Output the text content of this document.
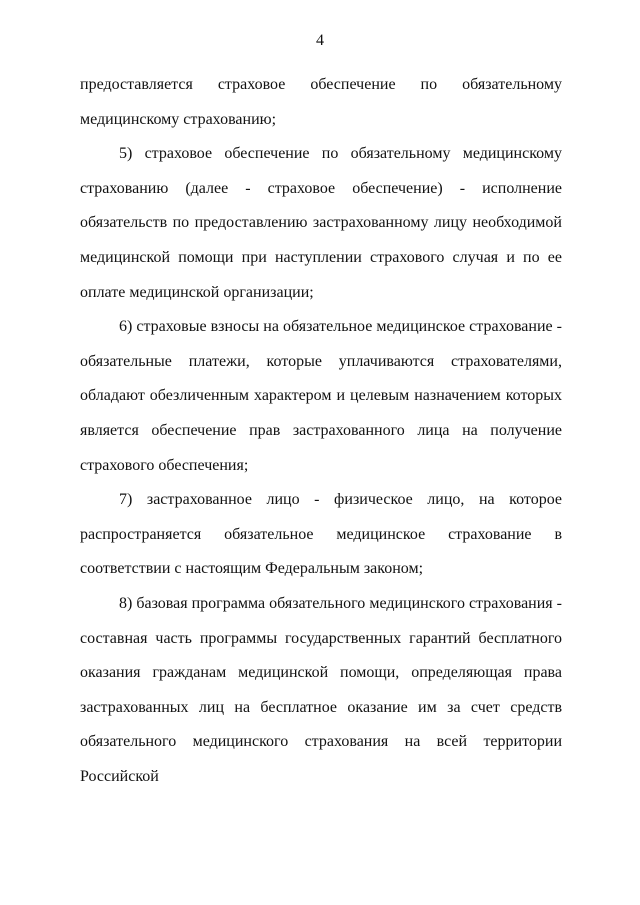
4

предоставляется страховое обеспечение по обязательному медицинскому страхованию;

5) страховое обеспечение по обязательному медицинскому страхованию (далее - страховое обеспечение) - исполнение обязательств по предоставлению застрахованному лицу необходимой медицинской помощи при наступлении страхового случая и по ее оплате медицинской организации;

6) страховые взносы на обязательное медицинское страхование - обязательные платежи, которые уплачиваются страхователями, обладают обезличенным характером и целевым назначением которых является обеспечение прав застрахованного лица на получение страхового обеспечения;

7) застрахованное лицо - физическое лицо, на которое распространяется обязательное медицинское страхование в соответствии с настоящим Федеральным законом;

8) базовая программа обязательного медицинского страхования - составная часть программы государственных гарантий бесплатного оказания гражданам медицинской помощи, определяющая права застрахованных лиц на бесплатное оказание им за счет средств обязательного медицинского страхования на всей территории Российской
